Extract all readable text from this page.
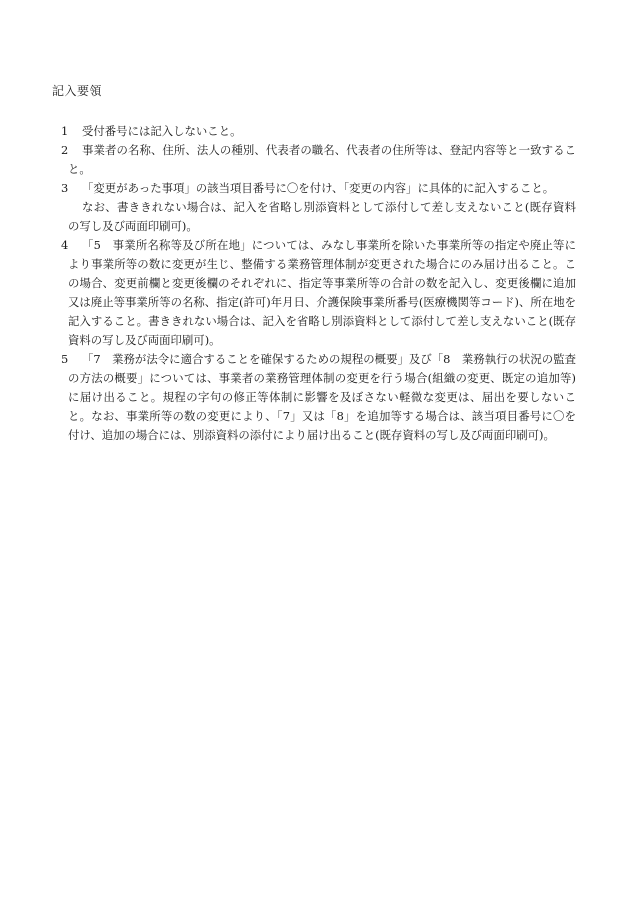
記入要領
1	受付番号には記入しないこと。

2	事業者の名称、住所、法人の種別、代表者の職名、代表者の住所等は、登記内容等と一致すること。

3	「変更があった事項」の該当項目番号に〇を付け、「変更の内容」に具体的に記入すること。

なお、書ききれない場合は、記入を省略し別添資料として添付して差し支えないこと(既存資料の写し及び両面印刷可)。

4	「5　事業所名称等及び所在地」については、みなし事業所を除いた事業所等の指定や廃止等により事業所等の数に変更が生じ、整備する業務管理体制が変更された場合にのみ届け出ること。この場合、変更前欄と変更後欄のそれぞれに、指定等事業所等の合計の数を記入し、変更後欄に追加又は廃止等事業所等の名称、指定(許可)年月日、介護保険事業所番号(医療機関等コード)、所在地を記入すること。書ききれない場合は、記入を省略し別添資料として添付して差し支えないこと(既存資料の写し及び両面印刷可)。

5	「7　業務が法令に適合することを確保するための規程の概要」及び「8　業務執行の状況の監査の方法の概要」については、事業者の業務管理体制の変更を行う場合(組織の変更、既定の追加等)に届け出ること。規程の字句の修正等体制に影響を及ぼさない軽微な変更は、届出を要しないこと。なお、事業所等の数の変更により、「7」又は「8」を追加等する場合は、該当項目番号に〇を付け、追加の場合には、別添資料の添付により届け出ること(既存資料の写し及び両面印刷可)。
